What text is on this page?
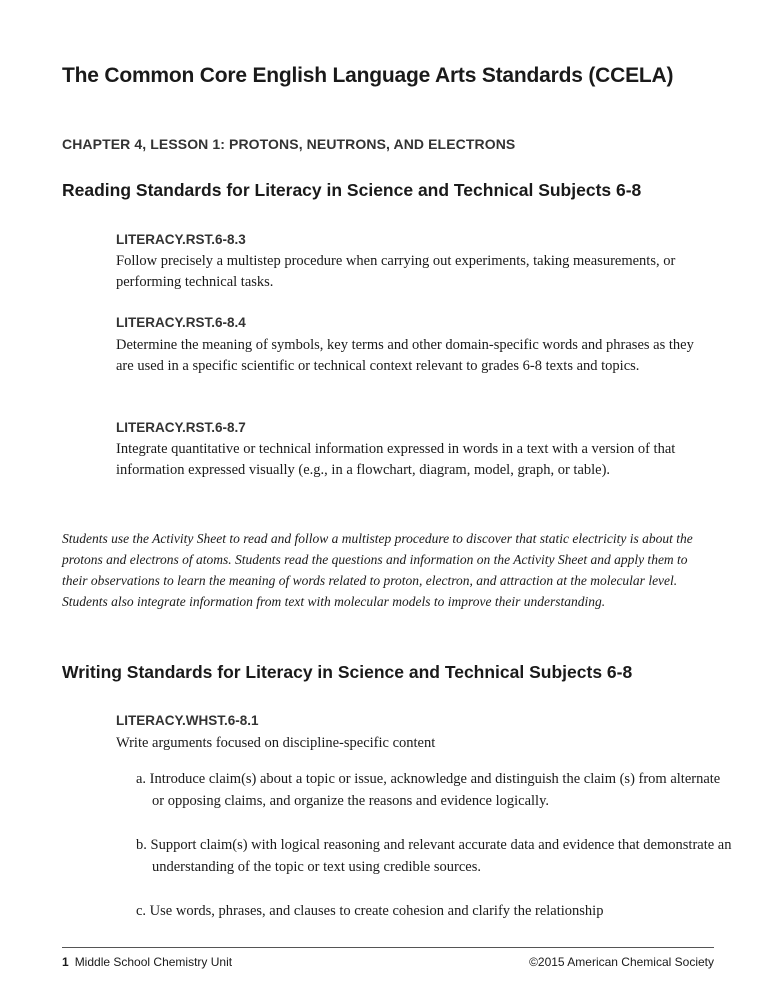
The Common Core English Language Arts Standards (CCELA)
CHAPTER 4, LESSON 1: PROTONS, NEUTRONS, AND ELECTRONS
Reading Standards for Literacy in Science and Technical Subjects 6-8
LITERACY.RST.6-8.3
Follow precisely a multistep procedure when carrying out experiments, taking measurements, or performing technical tasks.
LITERACY.RST.6-8.4
Determine the meaning of symbols, key terms and other domain-specific words and phrases as they are used in a specific scientific or technical context relevant to grades 6-8 texts and topics.
LITERACY.RST.6-8.7
Integrate quantitative or technical information expressed in words in a text with a version of that information expressed visually (e.g., in a flowchart, diagram, model, graph, or table).
Students use the Activity Sheet to read and follow a multistep procedure to discover that static electricity is about the protons and electrons of atoms. Students read the questions and information on the Activity Sheet and apply them to their observations to learn the meaning of words related to proton, electron, and attraction at the molecular level. Students also integrate information from text with molecular models to improve their understanding.
Writing Standards for Literacy in Science and Technical Subjects 6-8
LITERACY.WHST.6-8.1
Write arguments focused on discipline-specific content
a. Introduce claim(s) about a topic or issue, acknowledge and distinguish the claim (s) from alternate or opposing claims, and organize the reasons and evidence logically.
b. Support claim(s) with logical reasoning and relevant accurate data and evidence that demonstrate an understanding of the topic or text using credible sources.
c. Use words, phrases, and clauses to create cohesion and clarify the relationship
1 Middle School Chemistry Unit	©2015 American Chemical Society
